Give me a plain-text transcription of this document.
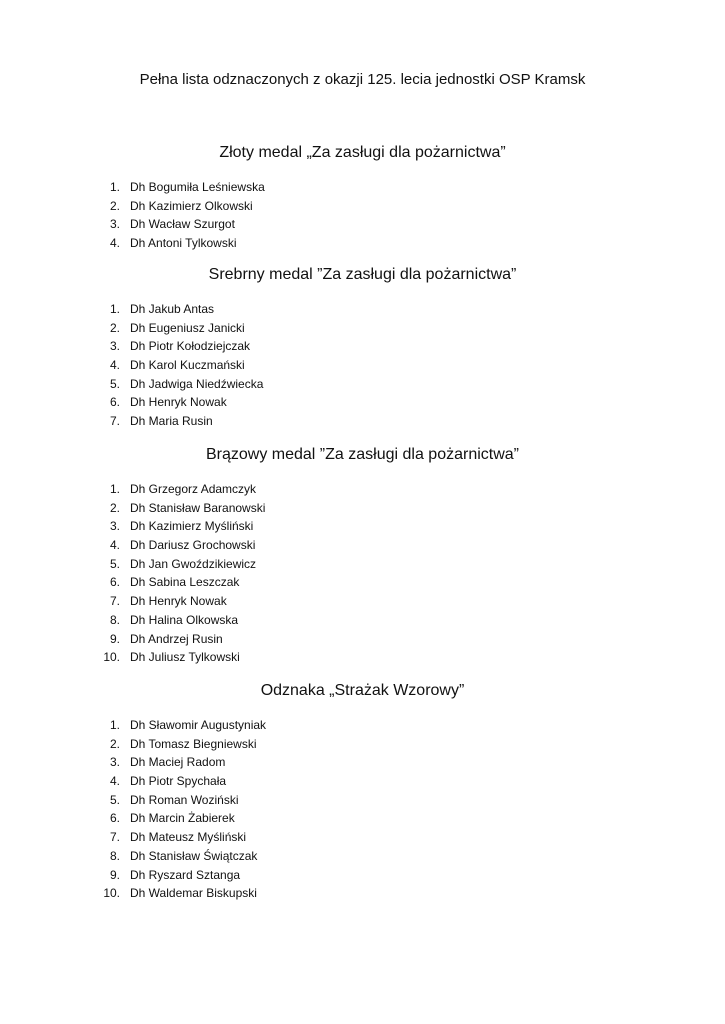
Pełna lista odznaczonych z okazji 125. lecia jednostki OSP Kramsk
Złoty medal „Za zasługi dla pożarnictwa”
1. Dh Bogumiła Leśniewska
2. Dh Kazimierz Olkowski
3. Dh Wacław Szurgot
4. Dh Antoni Tylkowski
Srebrny medal ”Za zasługi dla pożarnictwa”
1. Dh Jakub Antas
2. Dh Eugeniusz Janicki
3. Dh Piotr Kołodziejczak
4. Dh Karol Kuczmański
5. Dh Jadwiga Niedźwiecka
6. Dh Henryk Nowak
7. Dh Maria Rusin
Brązowy medal ”Za zasługi dla pożarnictwa”
1. Dh Grzegorz Adamczyk
2. Dh Stanisław Baranowski
3. Dh Kazimierz Myśliński
4. Dh Dariusz Grochowski
5. Dh Jan Gwoździkiewicz
6. Dh Sabina Leszczak
7. Dh Henryk Nowak
8. Dh Halina Olkowska
9. Dh Andrzej Rusin
10. Dh Juliusz Tylkowski
Odznaka „Strażak Wzorowy”
1. Dh Sławomir Augustyniak
2. Dh Tomasz Biegniewski
3. Dh Maciej Radom
4. Dh Piotr Spychała
5. Dh Roman Woziński
6. Dh Marcin Żabierek
7. Dh Mateusz Myśliński
8. Dh Stanisław Świątczak
9. Dh Ryszard Sztanga
10. Dh Waldemar Biskupski
